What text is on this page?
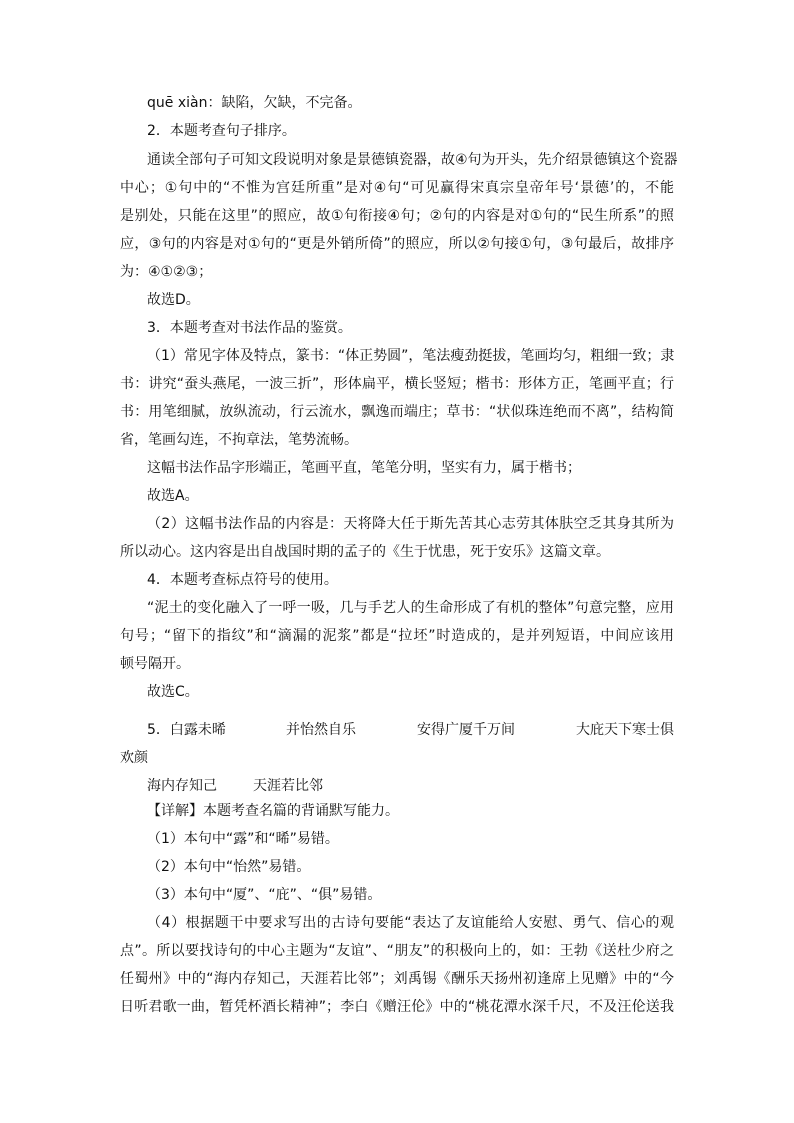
quē xiàn：缺陷，欠缺，不完备。
2．本题考查句子排序。
通读全部句子可知文段说明对象是景德镇瓷器，故④句为开头，先介绍景德镇这个瓷器
中心；①句中的“不惟为宫廷所重”是对④句“可见赢得宋真宗皇帝年号‘景德’的，不能
是别处，只能在这里”的照应，故①句衔接④句；②句的内容是对①句的“民生所系”的照
应，③句的内容是对①句的“更是外销所倚”的照应，所以②句接①句，③句最后，故排序
为：④①②③；
故选D。
3．本题考查对书法作品的鉴赏。
（1）常见字体及特点，篆书：“体正势圆”，笔法瘦劲挺拔，笔画均匀，粗细一致；隶
书：讲究“蚕头燕尾，一波三折”，形体扁平，横长竖短；楷书：形体方正，笔画平直；行
书：用笔细腻，放纵流动，行云流水，飘逸而端庄；草书：“状似珠连绝而不离”，结构简
省，笔画勾连，不拘章法，笔势流畅。
这幅书法作品字形端正，笔画平直，笔笔分明，坚实有力，属于楷书；
故选A。
（2）这幅书法作品的内容是：天将降大任于斯先苦其心志劳其体肤空乏其身其所为
所以动心。这内容是出自战国时期的孟子的《生于忧患，死于安乐》这篇文章。
4．本题考查标点符号的使用。
“泥土的变化融入了一呼一吸，几与手艺人的生命形成了有机的整体”句意完整，应用
句号；“留下的指纹”和“滴漏的泥浆”都是“拉坯”时造成的，是并列短语，中间应该用
顿号隔开。
故选C。
5．白露未晞	并怡然自乐	安得广厦千万间	大庇天下寒士俱
欢颜
海内存知己	天涯若比邻
【详解】本题考查名篇的背诵默写能力。
（1）本句中“露”和“晞”易错。
（2）本句中“怡然”易错。
（3）本句中“厦”、“庇”、“俱”易错。
（4）根据题干中要求写出的古诗句要能“表达了友谊能给人安慰、勇气、信心的观
点”。所以要找诗句的中心主题为“友谊”、“朋友”的积极向上的，如：王勃《送杜少府之
任蜀州》中的“海内存知己，天涯若比邻”；刘禹锡《酬乐天扬州初逢席上见赠》中的“今
日听君歌一曲，暂凭杯酒长精神”；李白《赠汪伦》中的“桃花潭水深千尺，不及汪伦送我
